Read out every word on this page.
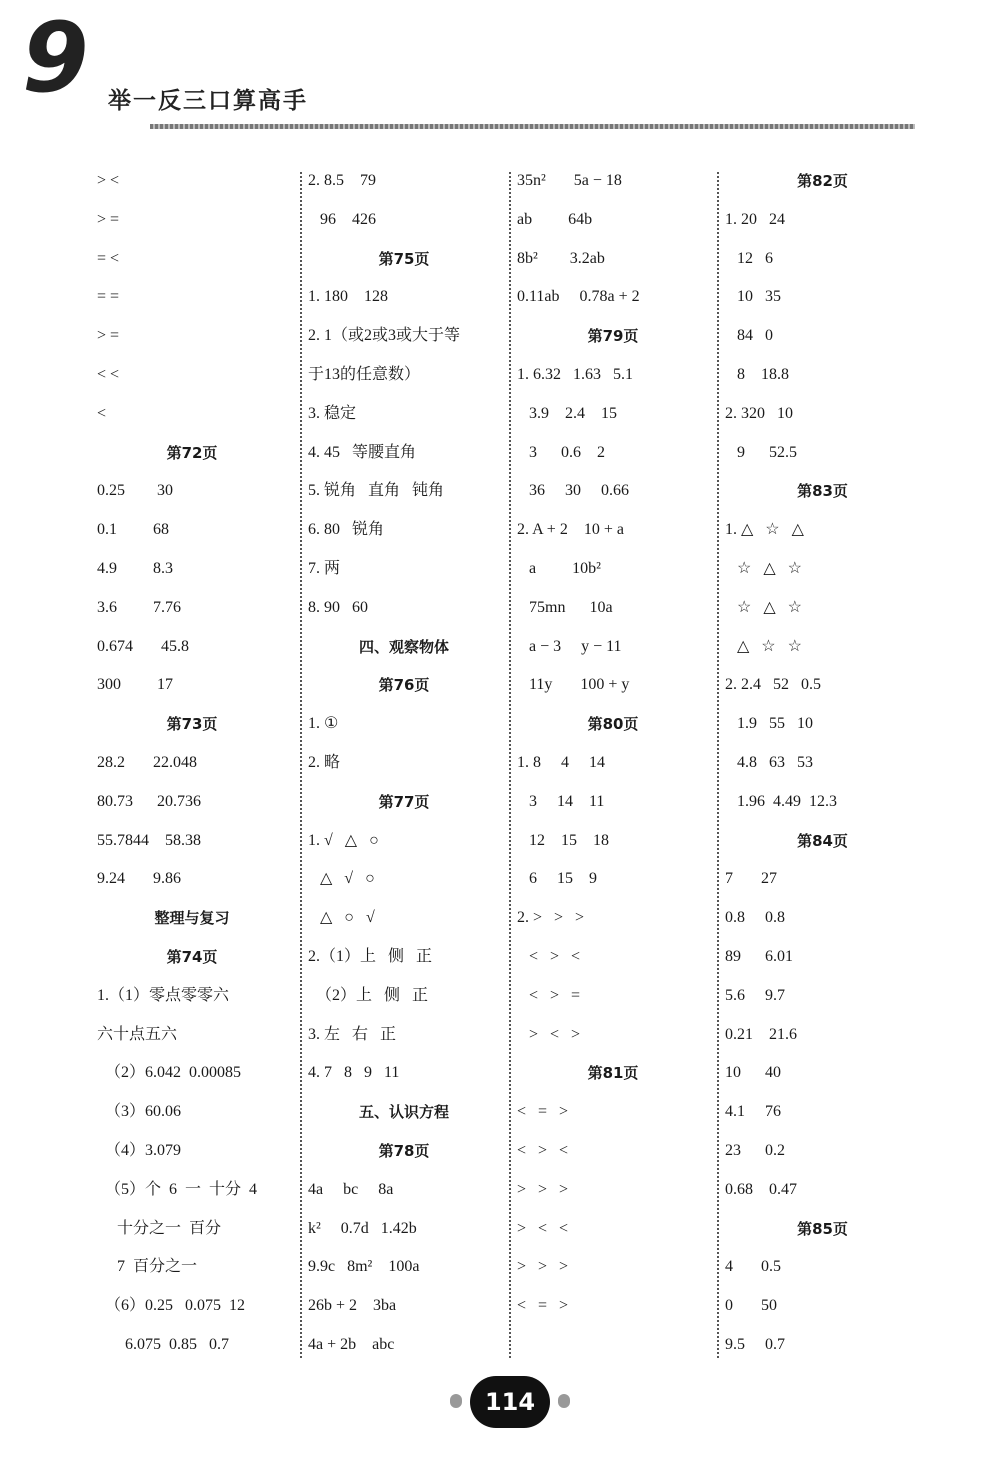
9 举一反三口算高手
> <
> =
= <
= =
> =
< <
<
第72页
0.25        30
0.1         68
4.9         8.3
3.6         7.76
0.674       45.8
300         17
第73页
28.2       22.048
80.73      20.736
55.7844    58.38
9.24       9.86
整理与复习
第74页
1.（1）零点零零六
六十点五六
（2）6.042  0.00085
（3）60.06
（4）3.079
（5）个  6  一  十分  4
十分之一  百分
7  百分之一
（6）0.25   0.075  12
6.075  0.85   0.7
2. 8.5    79
96    426
第75页
1. 180    128
2. 1（或2或3或大于等
于13的任意数）
3. 稳定
4. 45   等腰直角
5. 锐角   直角   钝角
6. 80   锐角
7. 两
8. 90   60
四、观察物体
第76页
1. ①
2. 略
第77页
1. √   △   ○
△   √   ○
△   ○   √
2.（1）上   侧   正
（2）上   侧   正
3. 左   右   正
4. 7   8   9   11
五、认识方程
第78页
4a     bc     8a
k²     0.7d   1.42b
9.9c   8m²    100a
26b + 2    3ba
4a + 2b    abc
35n²       5a − 18
ab         64b
8b²        3.2ab
0.11ab     0.78a + 2
第79页
1. 6.32   1.63   5.1
3.9    2.4    15
3      0.6    2
36     30     0.66
2. A + 2    10 + a
a         10b²
75mn      10a
a − 3     y − 11
11y       100 + y
第80页
1. 8     4     14
3     14    11
12    15    18
6     15    9
2. >   >   >
<   >   <
<   >   =
>   <   >
第81页
<   =   >
<   >   <
>   >   >
>   <   <
>   >   >
<   =   >
第82页
1. 20   24
12   6
10   35
84   0
8    18.8
2. 320   10
9      52.5
第83页
1. △   ☆   △
☆   △   ☆
☆   △   ☆
△   ☆   ☆
2. 2.4   52   0.5
1.9   55   10
4.8   63   53
1.96  4.49  12.3
第84页
7       27
0.8     0.8
89      6.01
5.6     9.7
0.21    21.6
10      40
4.1     76
23      0.2
0.68    0.47
第85页
4       0.5
0       50
9.5     0.7
114
